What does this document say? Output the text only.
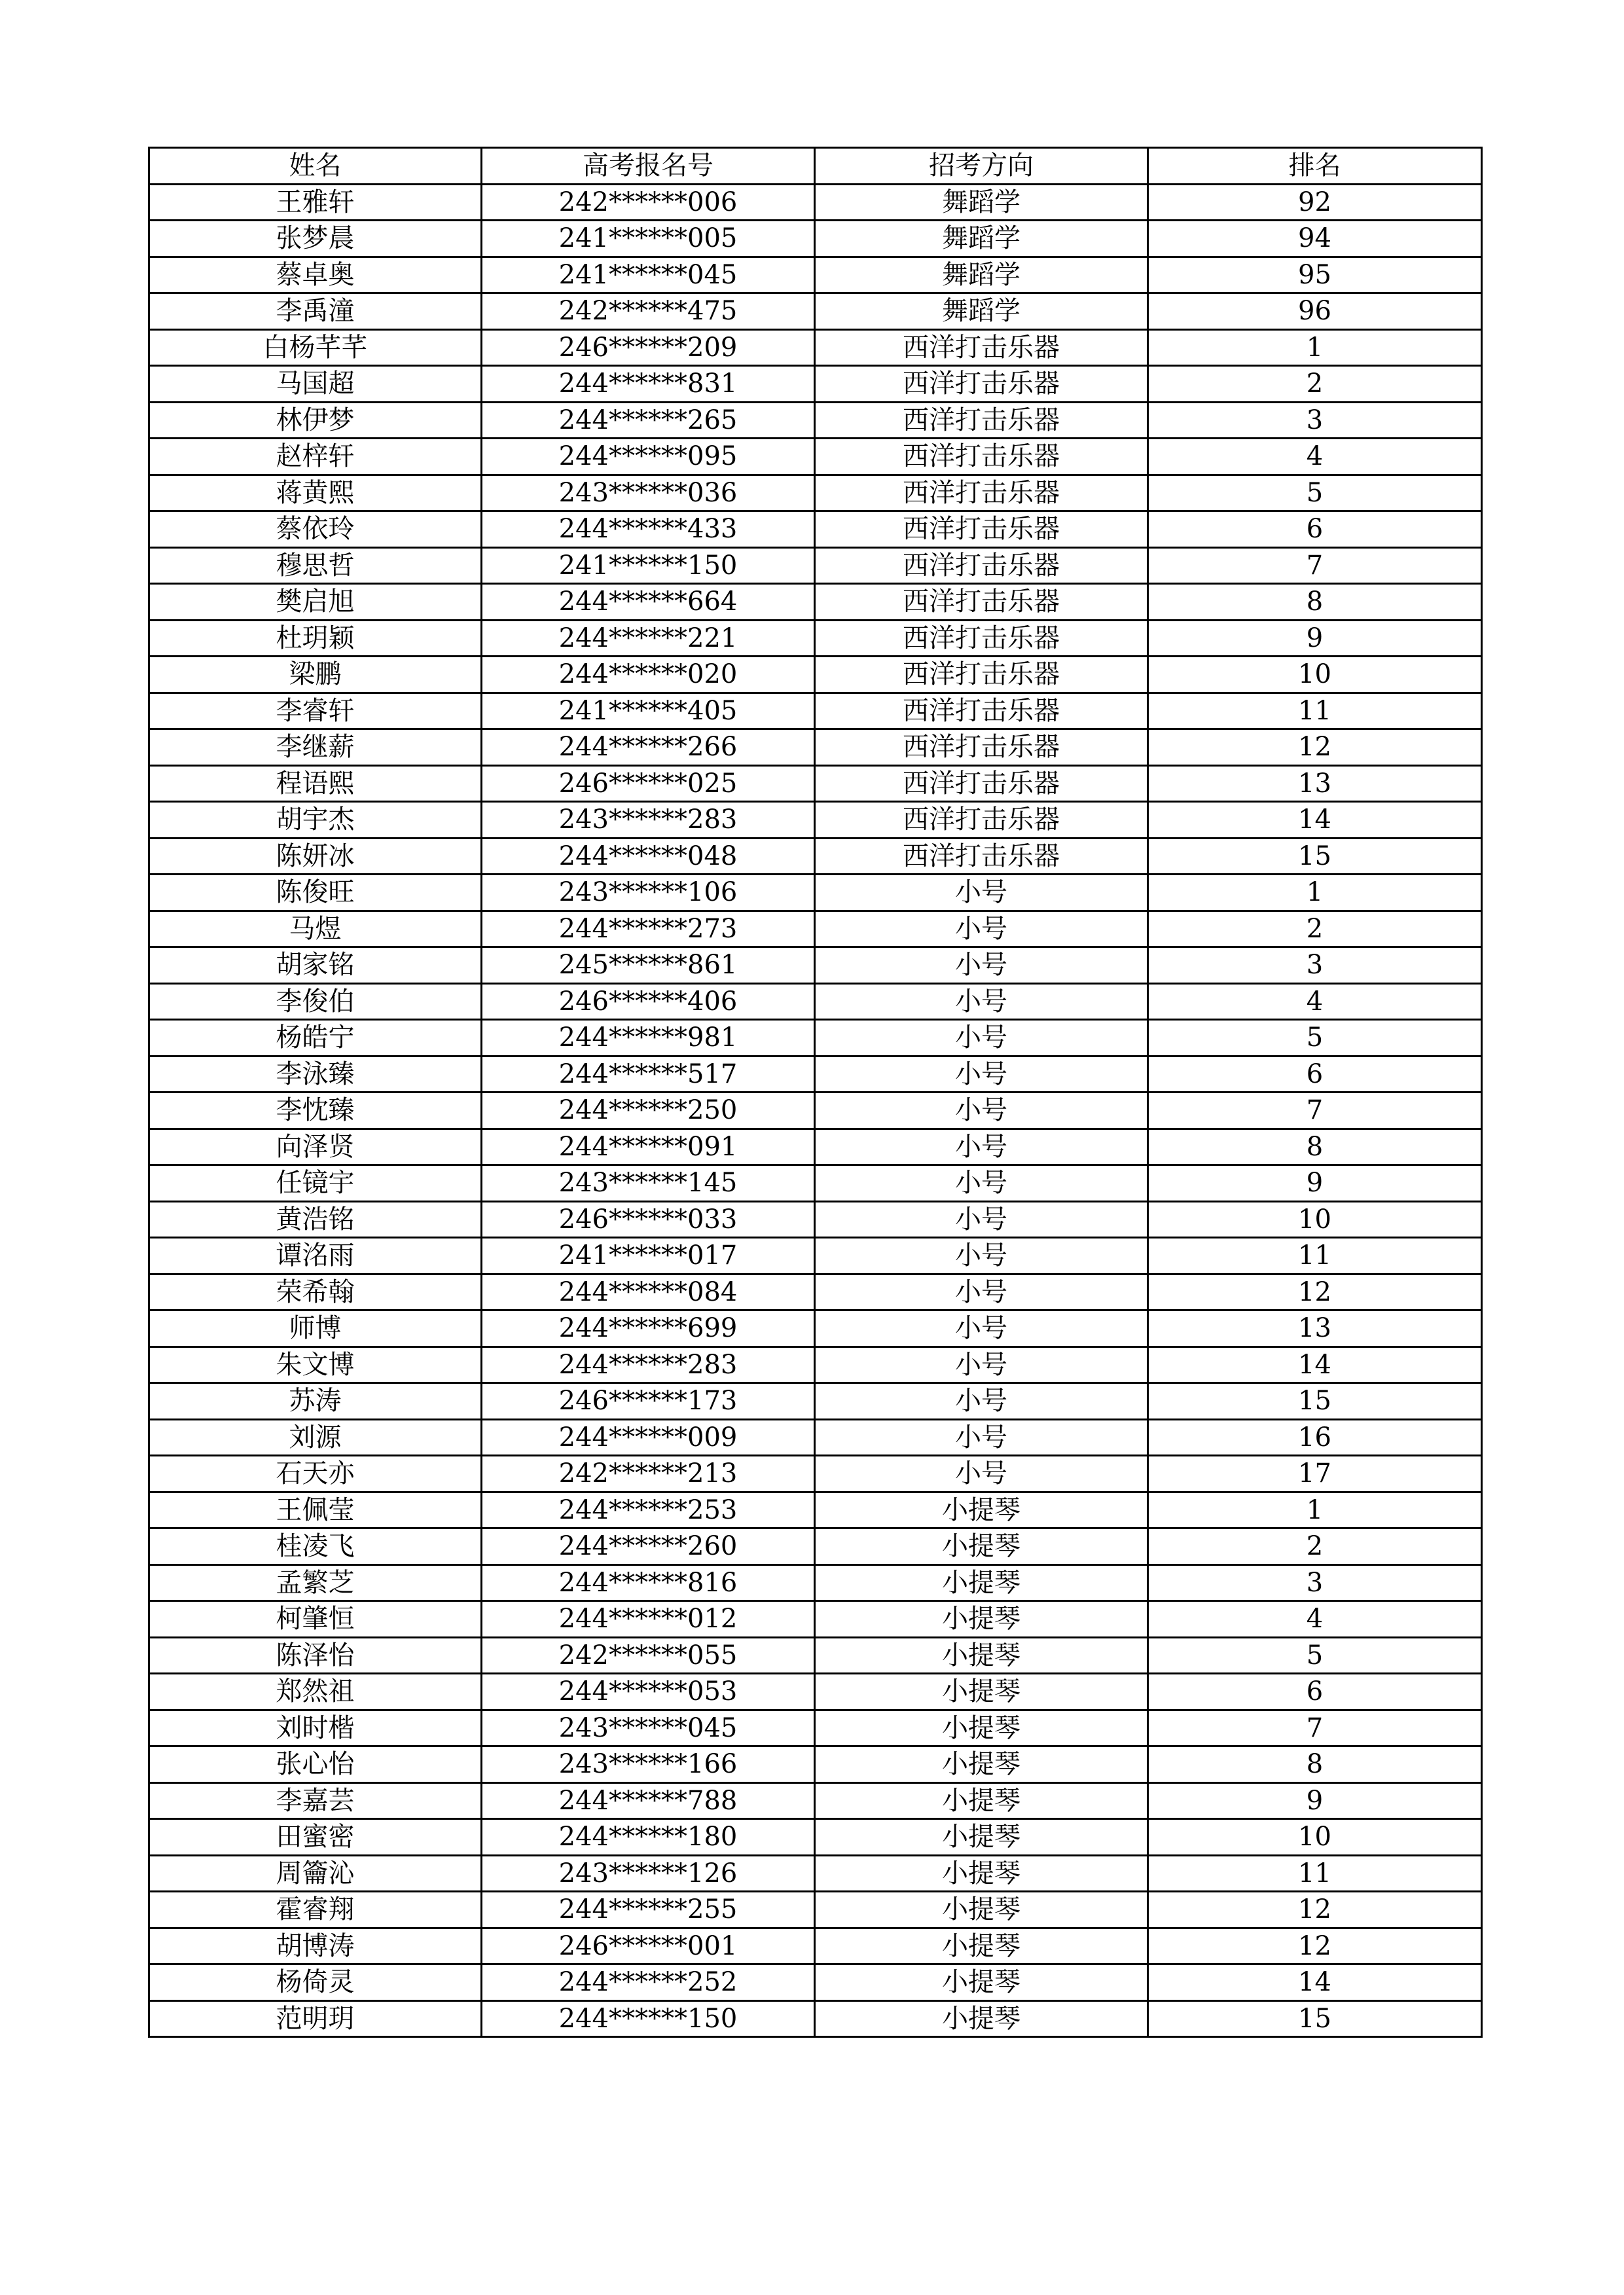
姓名	高考报名号	招考方向	排名
王雅轩	242******006	舞蹈学	92
张梦晨	241******005	舞蹈学	94
蔡卓奥	241******045	舞蹈学	95
李禹潼	242******475	舞蹈学	96
白杨芊芊	246******209	西洋打击乐器	1
马国超	244******831	西洋打击乐器	2
林伊梦	244******265	西洋打击乐器	3
赵梓轩	244******095	西洋打击乐器	4
蒋黄熙	243******036	西洋打击乐器	5
蔡依玲	244******433	西洋打击乐器	6
穆思哲	241******150	西洋打击乐器	7
樊启旭	244******664	西洋打击乐器	8
杜玥颖	244******221	西洋打击乐器	9
梁鹏	244******020	西洋打击乐器	10
李睿轩	241******405	西洋打击乐器	11
李继薪	244******266	西洋打击乐器	12
程语熙	246******025	西洋打击乐器	13
胡宇杰	243******283	西洋打击乐器	14
陈妍冰	244******048	西洋打击乐器	15
陈俊旺	243******106	小号	1
马煜	244******273	小号	2
胡家铭	245******861	小号	3
李俊伯	246******406	小号	4
杨皓宁	244******981	小号	5
李泳臻	244******517	小号	6
李忱臻	244******250	小号	7
向泽贤	244******091	小号	8
任镜宇	243******145	小号	9
黄浩铭	246******033	小号	10
谭洺雨	241******017	小号	11
荣希翰	244******084	小号	12
师博	244******699	小号	13
朱文博	244******283	小号	14
苏涛	246******173	小号	15
刘源	244******009	小号	16
石天亦	242******213	小号	17
王佩莹	244******253	小提琴	1
桂凌飞	244******260	小提琴	2
孟繁芝	244******816	小提琴	3
柯肇恒	244******012	小提琴	4
陈泽怡	242******055	小提琴	5
郑然祖	244******053	小提琴	6
刘时楷	243******045	小提琴	7
张心怡	243******166	小提琴	8
李嘉芸	244******788	小提琴	9
田蜜密	244******180	小提琴	10
周籥沁	243******126	小提琴	11
霍睿翔	244******255	小提琴	12
胡博涛	246******001	小提琴	12
杨倚灵	244******252	小提琴	14
范明玥	244******150	小提琴	15
